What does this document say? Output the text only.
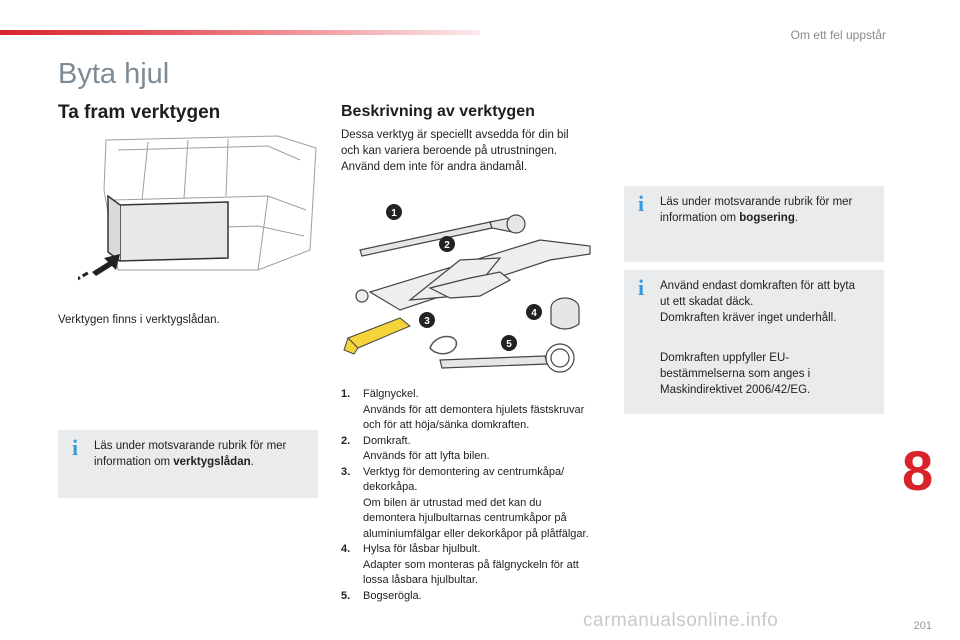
Om ett fel uppstår
Byta hjul
Ta fram verktygen
Verktygen finns i verktygslådan.
i Läs under motsvarande rubrik för mer
information om verktygslådan.
Beskrivning av verktygen
Dessa verktyg är speciellt avsedda för din bil
och kan variera beroende på utrustningen.
Använd dem inte för andra ändamål.
1
2
3
4
5
1. Fälgnyckel.
Används för att demontera hjulets fästskruvar
och för att höja/sänka domkraften.
2. Domkraft.
Används för att lyfta bilen.
3. Verktyg för demontering av centrumkåpa/
dekorkåpa.
Om bilen är utrustad med det kan du
demontera hjulbultarnas centrumkåpor på
aluminiumfälgar eller dekorkåpor på plåtfälgar.
4. Hylsa för låsbar hjulbult.
Adapter som monteras på fälgnyckeln för att
lossa låsbara hjulbultar.
5. Bogserögla.
i Läs under motsvarande rubrik för mer
information om bogsering.
i Använd endast domkraften för att byta
ut ett skadat däck.
Domkraften kräver inget underhåll.
Domkraften uppfyller EU-
bestämmelserna som anges i
Maskindirektivet 2006/42/EG.
8
carmanualsonline.info	201
